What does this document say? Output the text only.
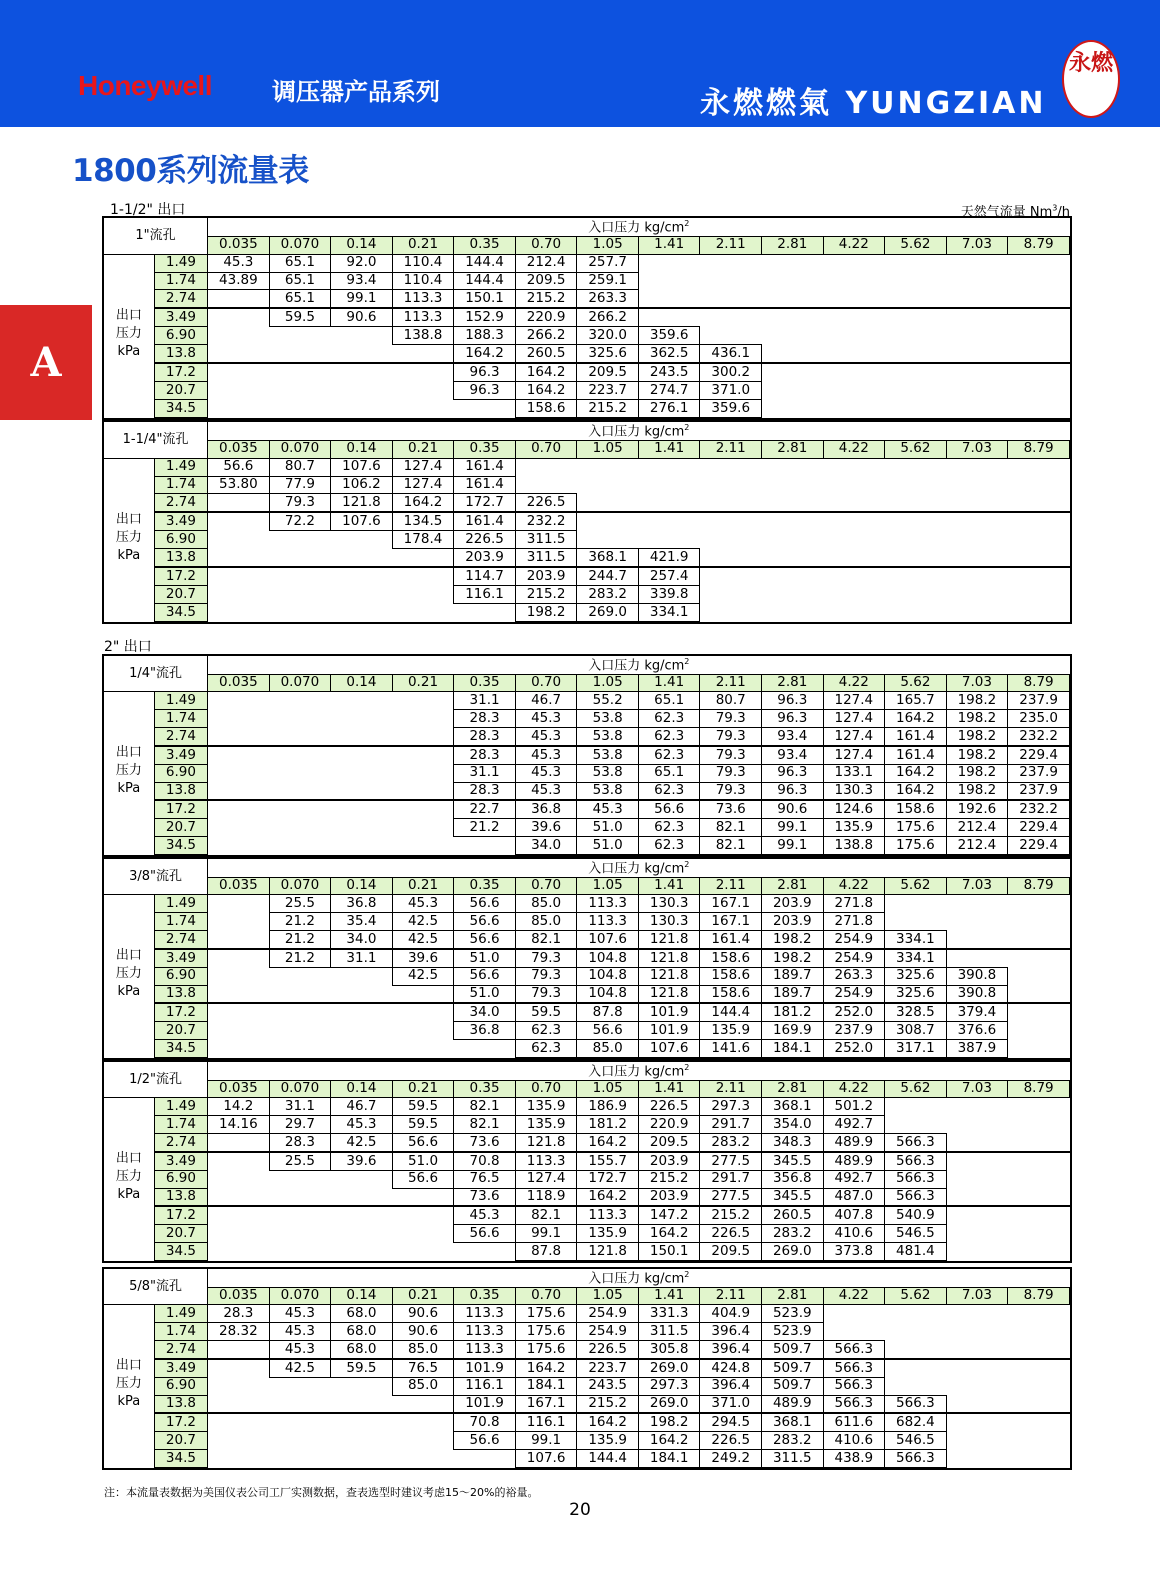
Honeywell	调压器产品系列	永燃燃氣 YUNGZIAN
永燃
A
1800系列流量表
1-1/2" 出口	天然气流量 Nm$^3$/h
2" 出口
1"流孔		入口压力 $kg/cm^2$
		0.035	0.070	0.14	0.21	0.35	0.70	1.05	1.41	2.11	2.81	4.22	5.62	7.03	8.79

出口
压力
kPa	1.49	45.3	65.1	92.0	110.4	144.4	212.4	257.7							
	1.74	43.89	65.1	93.4	110.4	144.4	209.5	259.1							
	2.74		65.1	99.1	113.3	150.1	215.2	263.3							
	3.49		59.5	90.6	113.3	152.9	220.9	266.2							
	6.90				138.8	188.3	266.2	320.0	359.6						
	13.8					164.2	260.5	325.6	362.5	436.1					
	17.2					96.3	164.2	209.5	243.5	300.2					
	20.7					96.3	164.2	223.7	274.7	371.0					
	34.5						158.6	215.2	276.1	359.6					
1-1/4"流孔		入口压力 $kg/cm^2$
		0.035	0.070	0.14	0.21	0.35	0.70	1.05	1.41	2.11	2.81	4.22	5.62	7.03	8.79

出口
压力
kPa	1.49	56.6	80.7	107.6	127.4	161.4									
	1.74	53.80	77.9	106.2	127.4	161.4									
	2.74		79.3	121.8	164.2	172.7	226.5								
	3.49		72.2	107.6	134.5	161.4	232.2								
	6.90				178.4	226.5	311.5								
	13.8					203.9	311.5	368.1	421.9						
	17.2					114.7	203.9	244.7	257.4						
	20.7					116.1	215.2	283.2	339.8						
	34.5						198.2	269.0	334.1						
1/4"流孔		入口压力 $kg/cm^2$
		0.035	0.070	0.14	0.21	0.35	0.70	1.05	1.41	2.11	2.81	4.22	5.62	7.03	8.79

出口
压力
kPa	1.49					31.1	46.7	55.2	65.1	80.7	96.3	127.4	165.7	198.2	237.9
	1.74					28.3	45.3	53.8	62.3	79.3	96.3	127.4	164.2	198.2	235.0
	2.74					28.3	45.3	53.8	62.3	79.3	93.4	127.4	161.4	198.2	232.2
	3.49					28.3	45.3	53.8	62.3	79.3	93.4	127.4	161.4	198.2	229.4
	6.90					31.1	45.3	53.8	65.1	79.3	96.3	133.1	164.2	198.2	237.9
	13.8					28.3	45.3	53.8	62.3	79.3	96.3	130.3	164.2	198.2	237.9
	17.2					22.7	36.8	45.3	56.6	73.6	90.6	124.6	158.6	192.6	232.2
	20.7					21.2	39.6	51.0	62.3	82.1	99.1	135.9	175.6	212.4	229.4
	34.5						34.0	51.0	62.3	82.1	99.1	138.8	175.6	212.4	229.4
3/8"流孔		入口压力 $kg/cm^2$
		0.035	0.070	0.14	0.21	0.35	0.70	1.05	1.41	2.11	2.81	4.22	5.62	7.03	8.79

出口
压力
kPa	1.49		25.5	36.8	45.3	56.6	85.0	113.3	130.3	167.1	203.9	271.8			
	1.74		21.2	35.4	42.5	56.6	85.0	113.3	130.3	167.1	203.9	271.8			
	2.74		21.2	34.0	42.5	56.6	82.1	107.6	121.8	161.4	198.2	254.9	334.1		
	3.49		21.2	31.1	39.6	51.0	79.3	104.8	121.8	158.6	198.2	254.9	334.1		
	6.90				42.5	56.6	79.3	104.8	121.8	158.6	189.7	263.3	325.6	390.8	
	13.8					51.0	79.3	104.8	121.8	158.6	189.7	254.9	325.6	390.8	
	17.2					34.0	59.5	87.8	101.9	144.4	181.2	252.0	328.5	379.4	
	20.7					36.8	62.3	56.6	101.9	135.9	169.9	237.9	308.7	376.6	
	34.5						62.3	85.0	107.6	141.6	184.1	252.0	317.1	387.9	
1/2"流孔		入口压力 $kg/cm^2$
		0.035	0.070	0.14	0.21	0.35	0.70	1.05	1.41	2.11	2.81	4.22	5.62	7.03	8.79

出口
压力
kPa	1.49	14.2	31.1	46.7	59.5	82.1	135.9	186.9	226.5	297.3	368.1	501.2			
	1.74	14.16	29.7	45.3	59.5	82.1	135.9	181.2	220.9	291.7	354.0	492.7			
	2.74		28.3	42.5	56.6	73.6	121.8	164.2	209.5	283.2	348.3	489.9	566.3		
	3.49		25.5	39.6	51.0	70.8	113.3	155.7	203.9	277.5	345.5	489.9	566.3		
	6.90				56.6	76.5	127.4	172.7	215.2	291.7	356.8	492.7	566.3		
	13.8					73.6	118.9	164.2	203.9	277.5	345.5	487.0	566.3		
	17.2					45.3	82.1	113.3	147.2	215.2	260.5	407.8	540.9		
	20.7					56.6	99.1	135.9	164.2	226.5	283.2	410.6	546.5		
	34.5						87.8	121.8	150.1	209.5	269.0	373.8	481.4		
5/8"流孔		入口压力 $kg/cm^2$
		0.035	0.070	0.14	0.21	0.35	0.70	1.05	1.41	2.11	2.81	4.22	5.62	7.03	8.79

出口
压力
kPa	1.49	28.3	45.3	68.0	90.6	113.3	175.6	254.9	331.3	404.9	523.9				
	1.74	28.32	45.3	68.0	90.6	113.3	175.6	254.9	311.5	396.4	523.9				
	2.74		45.3	68.0	85.0	113.3	175.6	226.5	305.8	396.4	509.7	566.3			
	3.49		42.5	59.5	76.5	101.9	164.2	223.7	269.0	424.8	509.7	566.3			
	6.90				85.0	116.1	184.1	243.5	297.3	396.4	509.7	566.3			
	13.8					101.9	167.1	215.2	269.0	371.0	489.9	566.3	566.3		
	17.2					70.8	116.1	164.2	198.2	294.5	368.1	611.6	682.4		
	20.7					56.6	99.1	135.9	164.2	226.5	283.2	410.6	546.5		
	34.5						107.6	144.4	184.1	249.2	311.5	438.9	566.3		
注：本流量表数据为美国仪表公司工厂实测数据，查表选型时建议考虑15～20%的裕量。
20
